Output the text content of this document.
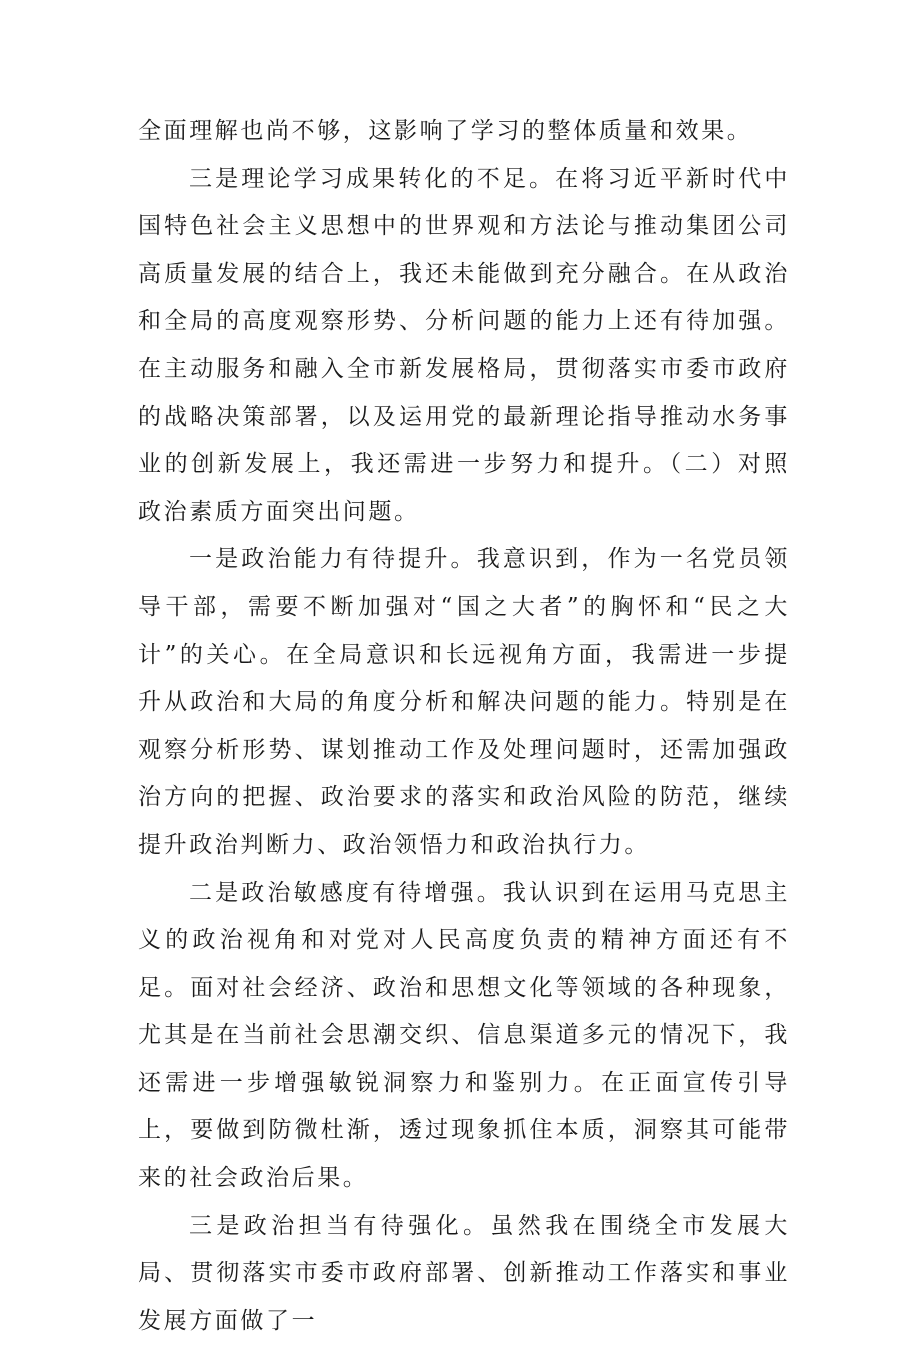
全面理解也尚不够，这影响了学习的整体质量和效果。

三是理论学习成果转化的不足。在将习近平新时代中国特色社会主义思想中的世界观和方法论与推动集团公司高质量发展的结合上，我还未能做到充分融合。在从政治和全局的高度观察形势、分析问题的能力上还有待加强。在主动服务和融入全市新发展格局，贯彻落实市委市政府的战略决策部署，以及运用党的最新理论指导推动水务事业的创新发展上，我还需进一步努力和提升。（二）对照政治素质方面突出问题。

一是政治能力有待提升。我意识到，作为一名党员领导干部，需要不断加强对“国之大者”的胸怀和“民之大计”的关心。在全局意识和长远视角方面，我需进一步提升从政治和大局的角度分析和解决问题的能力。特别是在观察分析形势、谋划推动工作及处理问题时，还需加强政治方向的把握、政治要求的落实和政治风险的防范，继续提升政治判断力、政治领悟力和政治执行力。

二是政治敏感度有待增强。我认识到在运用马克思主义的政治视角和对党对人民高度负责的精神方面还有不足。面对社会经济、政治和思想文化等领域的各种现象，尤其是在当前社会思潮交织、信息渠道多元的情况下，我还需进一步增强敏锐洞察力和鉴别力。在正面宣传引导上，要做到防微杜渐，透过现象抓住本质，洞察其可能带来的社会政治后果。

三是政治担当有待强化。虽然我在围绕全市发展大局、贯彻落实市委市政府部署、创新推动工作落实和事业发展方面做了一
